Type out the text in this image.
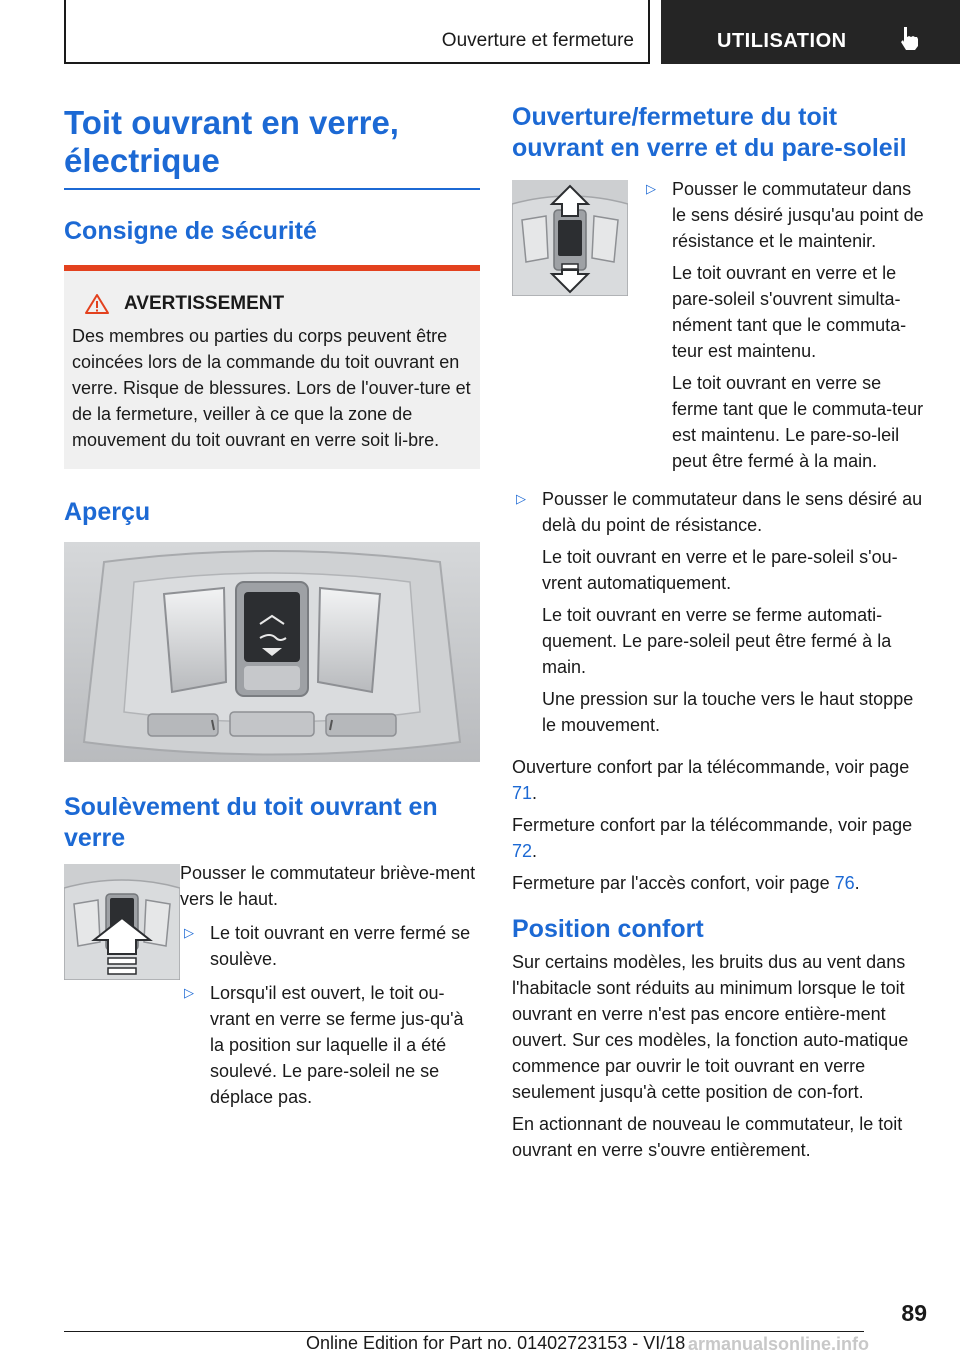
Ouverture et fermeture	UTILISATION
Toit ouvrant en verre,
électrique
Consigne de sécurité
AVERTISSEMENT

Des membres ou parties du corps peuvent être coincées lors de la commande du toit ouvrant en verre. Risque de blessures. Lors de l'ouver-ture et de la fermeture, veiller à ce que la zone de mouvement du toit ouvrant en verre soit li-bre.

Aperçu
Soulèvement du toit ouvrant en
verre

Pousser le commutateur briève-ment vers le haut.

▷ Le toit ouvrant en verre fermé se soulève.
▷ Lorsqu'il est ouvert, le toit ou-vrant en verre se ferme jus-qu'à la position sur laquelle il a été soulevé. Le pare-soleil ne se déplace pas.
Ouverture/fermeture du toit
ouvrant en verre et du pare-soleil
▷ Pousser le commutateur dans le sens désiré jusqu'au point de résistance et le maintenir.

Le toit ouvrant en verre et le pare-soleil s'ouvrent simulta-nément tant que le commuta-teur est maintenu.

Le toit ouvrant en verre se ferme tant que le commuta-teur est maintenu. Le pare-so-leil peut être fermé à la main.

▷ Pousser le commutateur dans le sens désiré au delà du point de résistance.

Le toit ouvrant en verre et le pare-soleil s'ou-vrent automatiquement.

Le toit ouvrant en verre se ferme automati-quement. Le pare-soleil peut être fermé à la main.

Une pression sur la touche vers le haut stoppe le mouvement.

Ouverture confort par la télécommande, voir page 71.

Fermeture confort par la télécommande, voir page 72.

Fermeture par l'accès confort, voir page 76.

Position confort

Sur certains modèles, les bruits dus au vent dans l'habitacle sont réduits au minimum lorsque le toit ouvrant en verre n'est pas encore entière-ment ouvert. Sur ces modèles, la fonction auto-matique commence par ouvrir le toit ouvrant en verre seulement jusqu'à cette position de con-fort.

En actionnant de nouveau le commutateur, le toit ouvrant en verre s'ouvre entièrement.

89
Online Edition for Part no. 01402723153 - VI/18 armanualsonline.info
